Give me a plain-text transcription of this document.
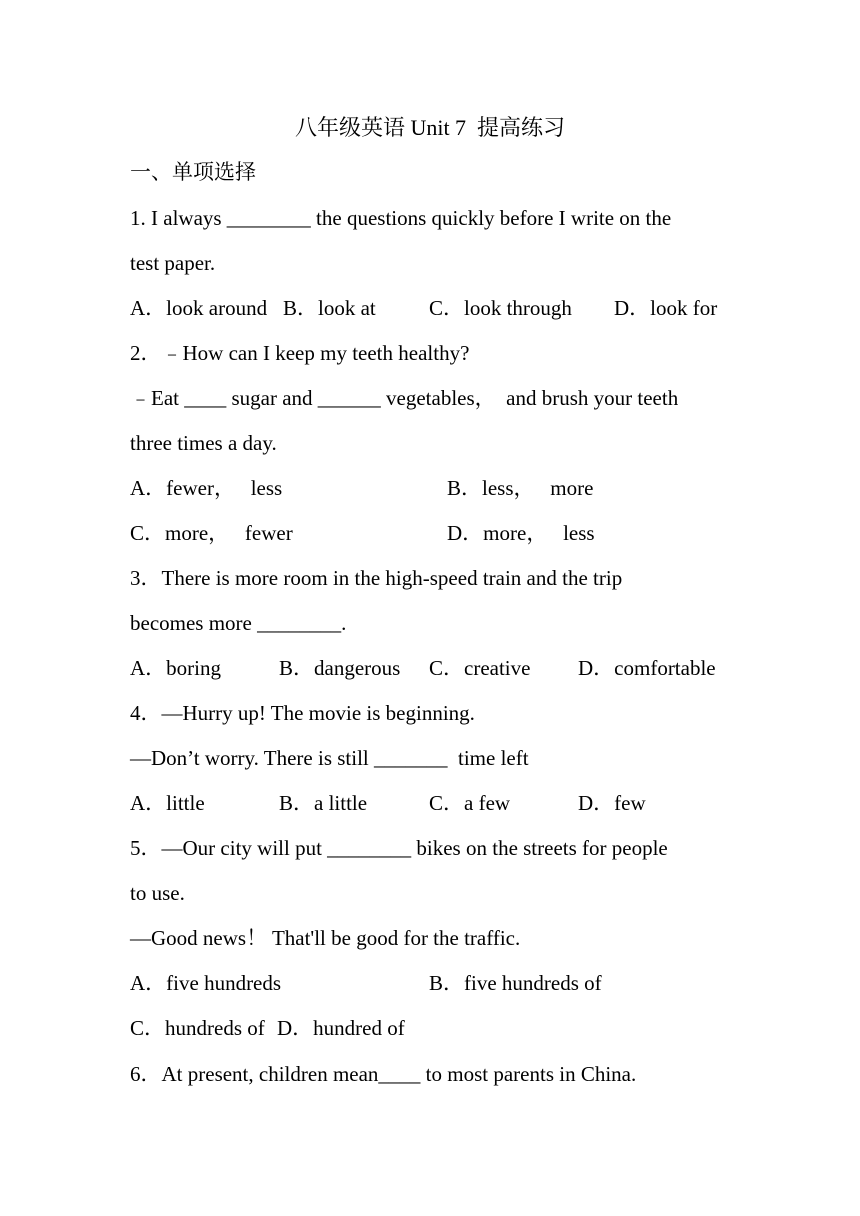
八年级英语 Unit 7  提高练习
一、单项选择
1. I always ________ the questions quickly before I write on the
test paper.
A．look around B．look at	C．look through D．look for
2．﹣How can I keep my teeth healthy?
﹣Eat ____ sugar and ______ vegetables，  and brush your teeth
three times a day.
A．fewer，   less	B．less，   more
C．more，   fewer	D．more，   less
3．There is more room in the high-speed train and the trip
becomes more ________.
A．boring	B．dangerous C．creative D．comfortable
4．—Hurry up! The movie is beginning.
—Don’t worry. There is still _______  time left
A．little	B．a little	C．a few	D．few
5．—Our city will put ________ bikes on the streets for people
to use.
—Good news！ That'll be good for the traffic.
A．five hundreds	B．five hundreds of
C．hundreds of D．hundred of
6．At present, children mean____ to most parents in China.
